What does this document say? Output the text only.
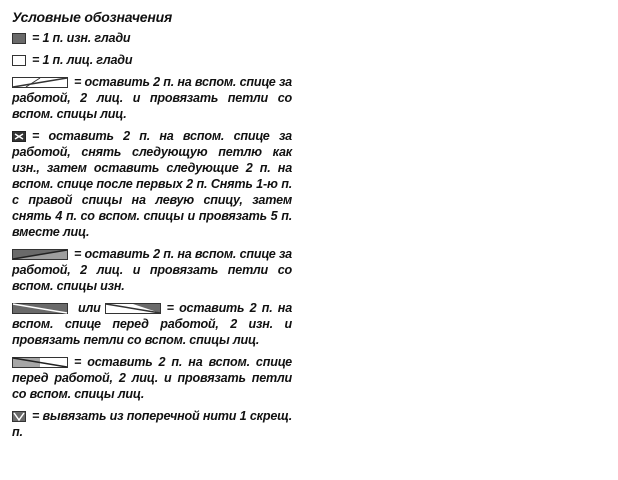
Условные обозначения
= 1 п. изн. глади
= 1 п. лиц. глади
= оставить 2 п. на вспом. спице за работой, 2 лиц. и провязать петли со вспом. спицы лиц.
= оставить 2 п. на вспом. спице за работой, снять следующую петлю как изн., затем оставить следующие 2 п. на вспом. спице после первых 2 п. Снять 1-ю п. с правой спицы на левую спицу, затем снять 4 п. со вспом. спицы и провязать 5 п. вместе лиц.
= оставить 2 п. на вспом. спице за работой, 2 лиц. и провязать петли со вспом. спицы изн.
или	= оставить 2 п. на вспом. спице перед работой, 2 изн. и провязать петли со вспом. спицы лиц.
= оставить 2 п. на вспом. спице перед работой, 2 лиц. и провязать петли со вспом. спицы лиц.
= вывязать из поперечной нити 1 скрещ. п.
